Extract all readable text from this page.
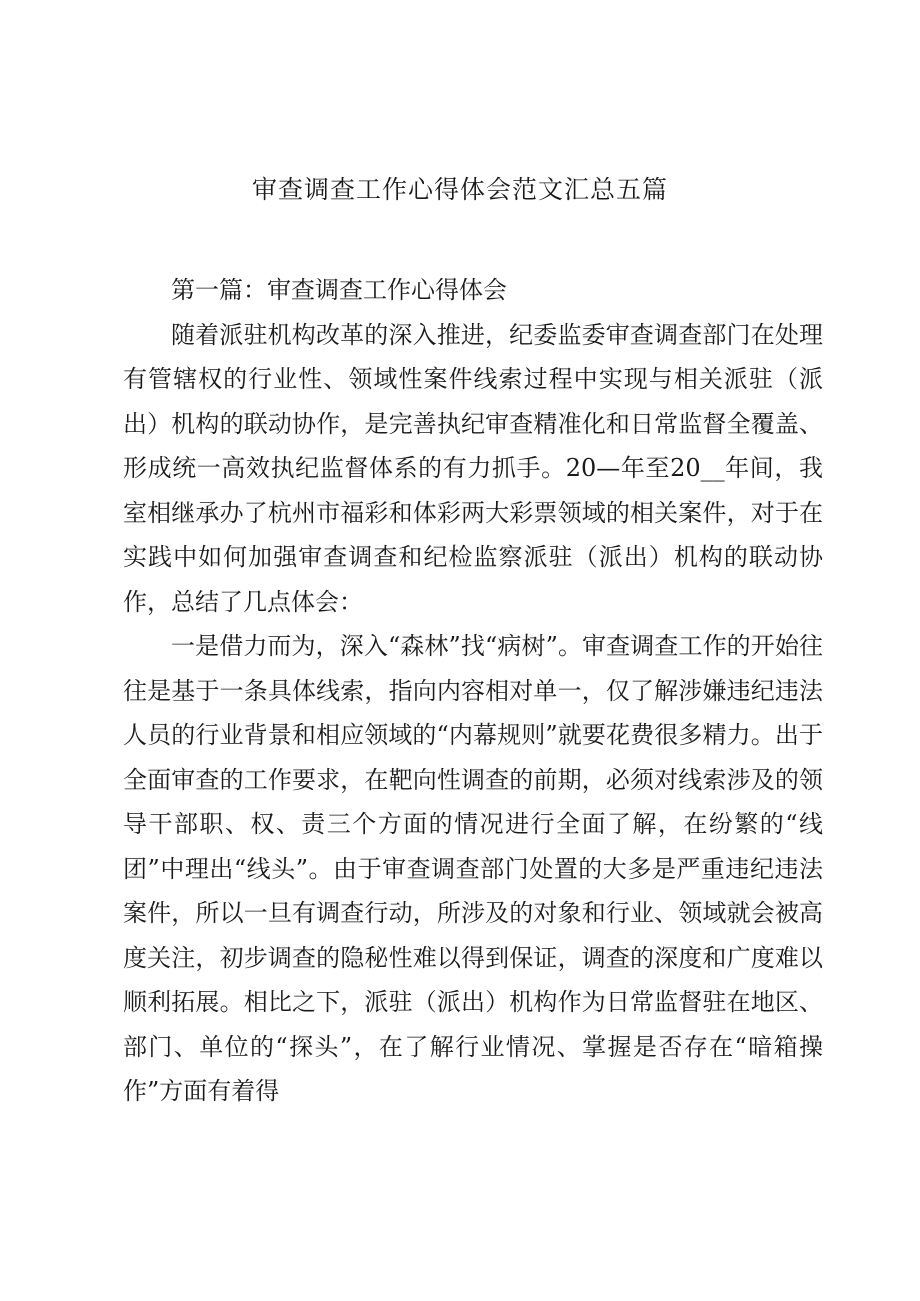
审查调查工作心得体会范文汇总五篇

第一篇：审查调查工作心得体会

随着派驻机构改革的深入推进，纪委监委审查调查部门在处理有管辖权的行业性、领域性案件线索过程中实现与相关派驻（派出）机构的联动协作，是完善执纪审查精准化和日常监督全覆盖、形成统一高效执纪监督体系的有力抓手。20—年至20__年间，我室相继承办了杭州市福彩和体彩两大彩票领域的相关案件，对于在实践中如何加强审查调查和纪检监察派驻（派出）机构的联动协作，总结了几点体会：

一是借力而为，深入“森林”找“病树”。审查调查工作的开始往往是基于一条具体线索，指向内容相对单一，仅了解涉嫌违纪违法人员的行业背景和相应领域的“内幕规则”就要花费很多精力。出于全面审查的工作要求，在靶向性调查的前期，必须对线索涉及的领导干部职、权、责三个方面的情况进行全面了解，在纷繁的“线团”中理出“线头”。由于审查调查部门处置的大多是严重违纪违法案件，所以一旦有调查行动，所涉及的对象和行业、领域就会被高度关注，初步调查的隐秘性难以得到保证，调查的深度和广度难以顺利拓展。相比之下，派驻（派出）机构作为日常监督驻在地区、部门、单位的“探头”，在了解行业情况、掌握是否存在“暗箱操作”方面有着得
